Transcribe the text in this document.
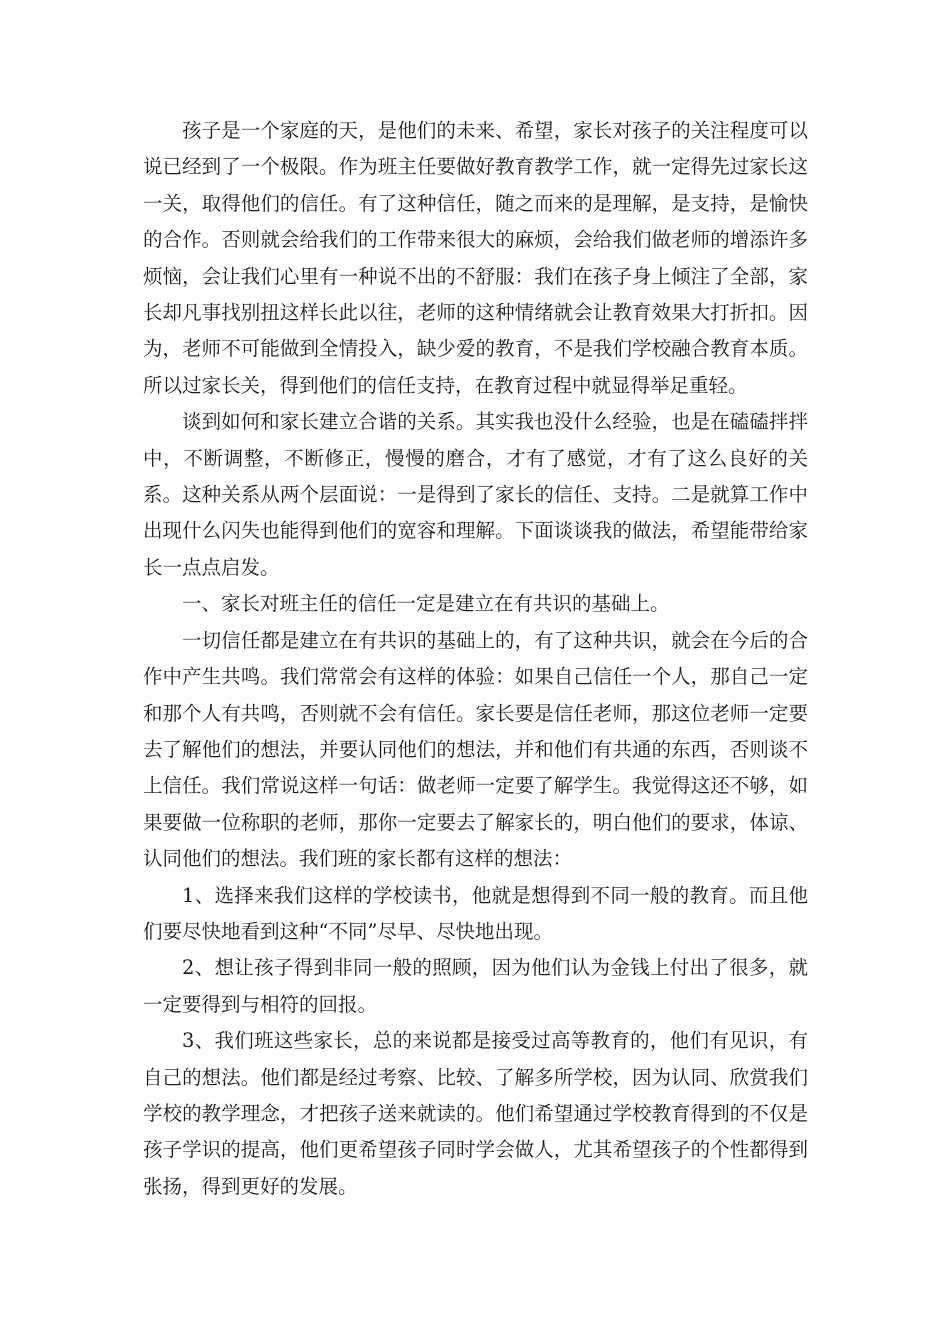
孩子是一个家庭的天，是他们的未来、希望，家长对孩子的关注程度可以说已经到了一个极限。作为班主任要做好教育教学工作，就一定得先过家长这一关，取得他们的信任。有了这种信任，随之而来的是理解，是支持，是愉快的合作。否则就会给我们的工作带来很大的麻烦，会给我们做老师的增添许多烦恼，会让我们心里有一种说不出的不舒服：我们在孩子身上倾注了全部，家长却凡事找别扭这样长此以往，老师的这种情绪就会让教育效果大打折扣。因为，老师不可能做到全情投入，缺少爱的教育，不是我们学校融合教育本质。所以过家长关，得到他们的信任支持，在教育过程中就显得举足重轻。

谈到如何和家长建立合谐的关系。其实我也没什么经验，也是在磕磕拌拌中，不断调整，不断修正，慢慢的磨合，才有了感觉，才有了这么良好的关系。这种关系从两个层面说：一是得到了家长的信任、支持。二是就算工作中出现什么闪失也能得到他们的宽容和理解。下面谈谈我的做法，希望能带给家长一点点启发。

一、家长对班主任的信任一定是建立在有共识的基础上。

一切信任都是建立在有共识的基础上的，有了这种共识，就会在今后的合作中产生共鸣。我们常常会有这样的体验：如果自己信任一个人，那自己一定和那个人有共鸣，否则就不会有信任。家长要是信任老师，那这位老师一定要去了解他们的想法，并要认同他们的想法，并和他们有共通的东西，否则谈不上信任。我们常说这样一句话：做老师一定要了解学生。我觉得这还不够，如果要做一位称职的老师，那你一定要去了解家长的，明白他们的要求，体谅、认同他们的想法。我们班的家长都有这样的想法：

1、选择来我们这样的学校读书，他就是想得到不同一般的教育。而且他们要尽快地看到这种“不同”尽早、尽快地出现。

2、想让孩子得到非同一般的照顾，因为他们认为金钱上付出了很多，就一定要得到与相符的回报。

3、我们班这些家长，总的来说都是接受过高等教育的，他们有见识，有自己的想法。他们都是经过考察、比较、了解多所学校，因为认同、欣赏我们学校的教学理念，才把孩子送来就读的。他们希望通过学校教育得到的不仅是孩子学识的提高，他们更希望孩子同时学会做人，尤其希望孩子的个性都得到张扬，得到更好的发展。
